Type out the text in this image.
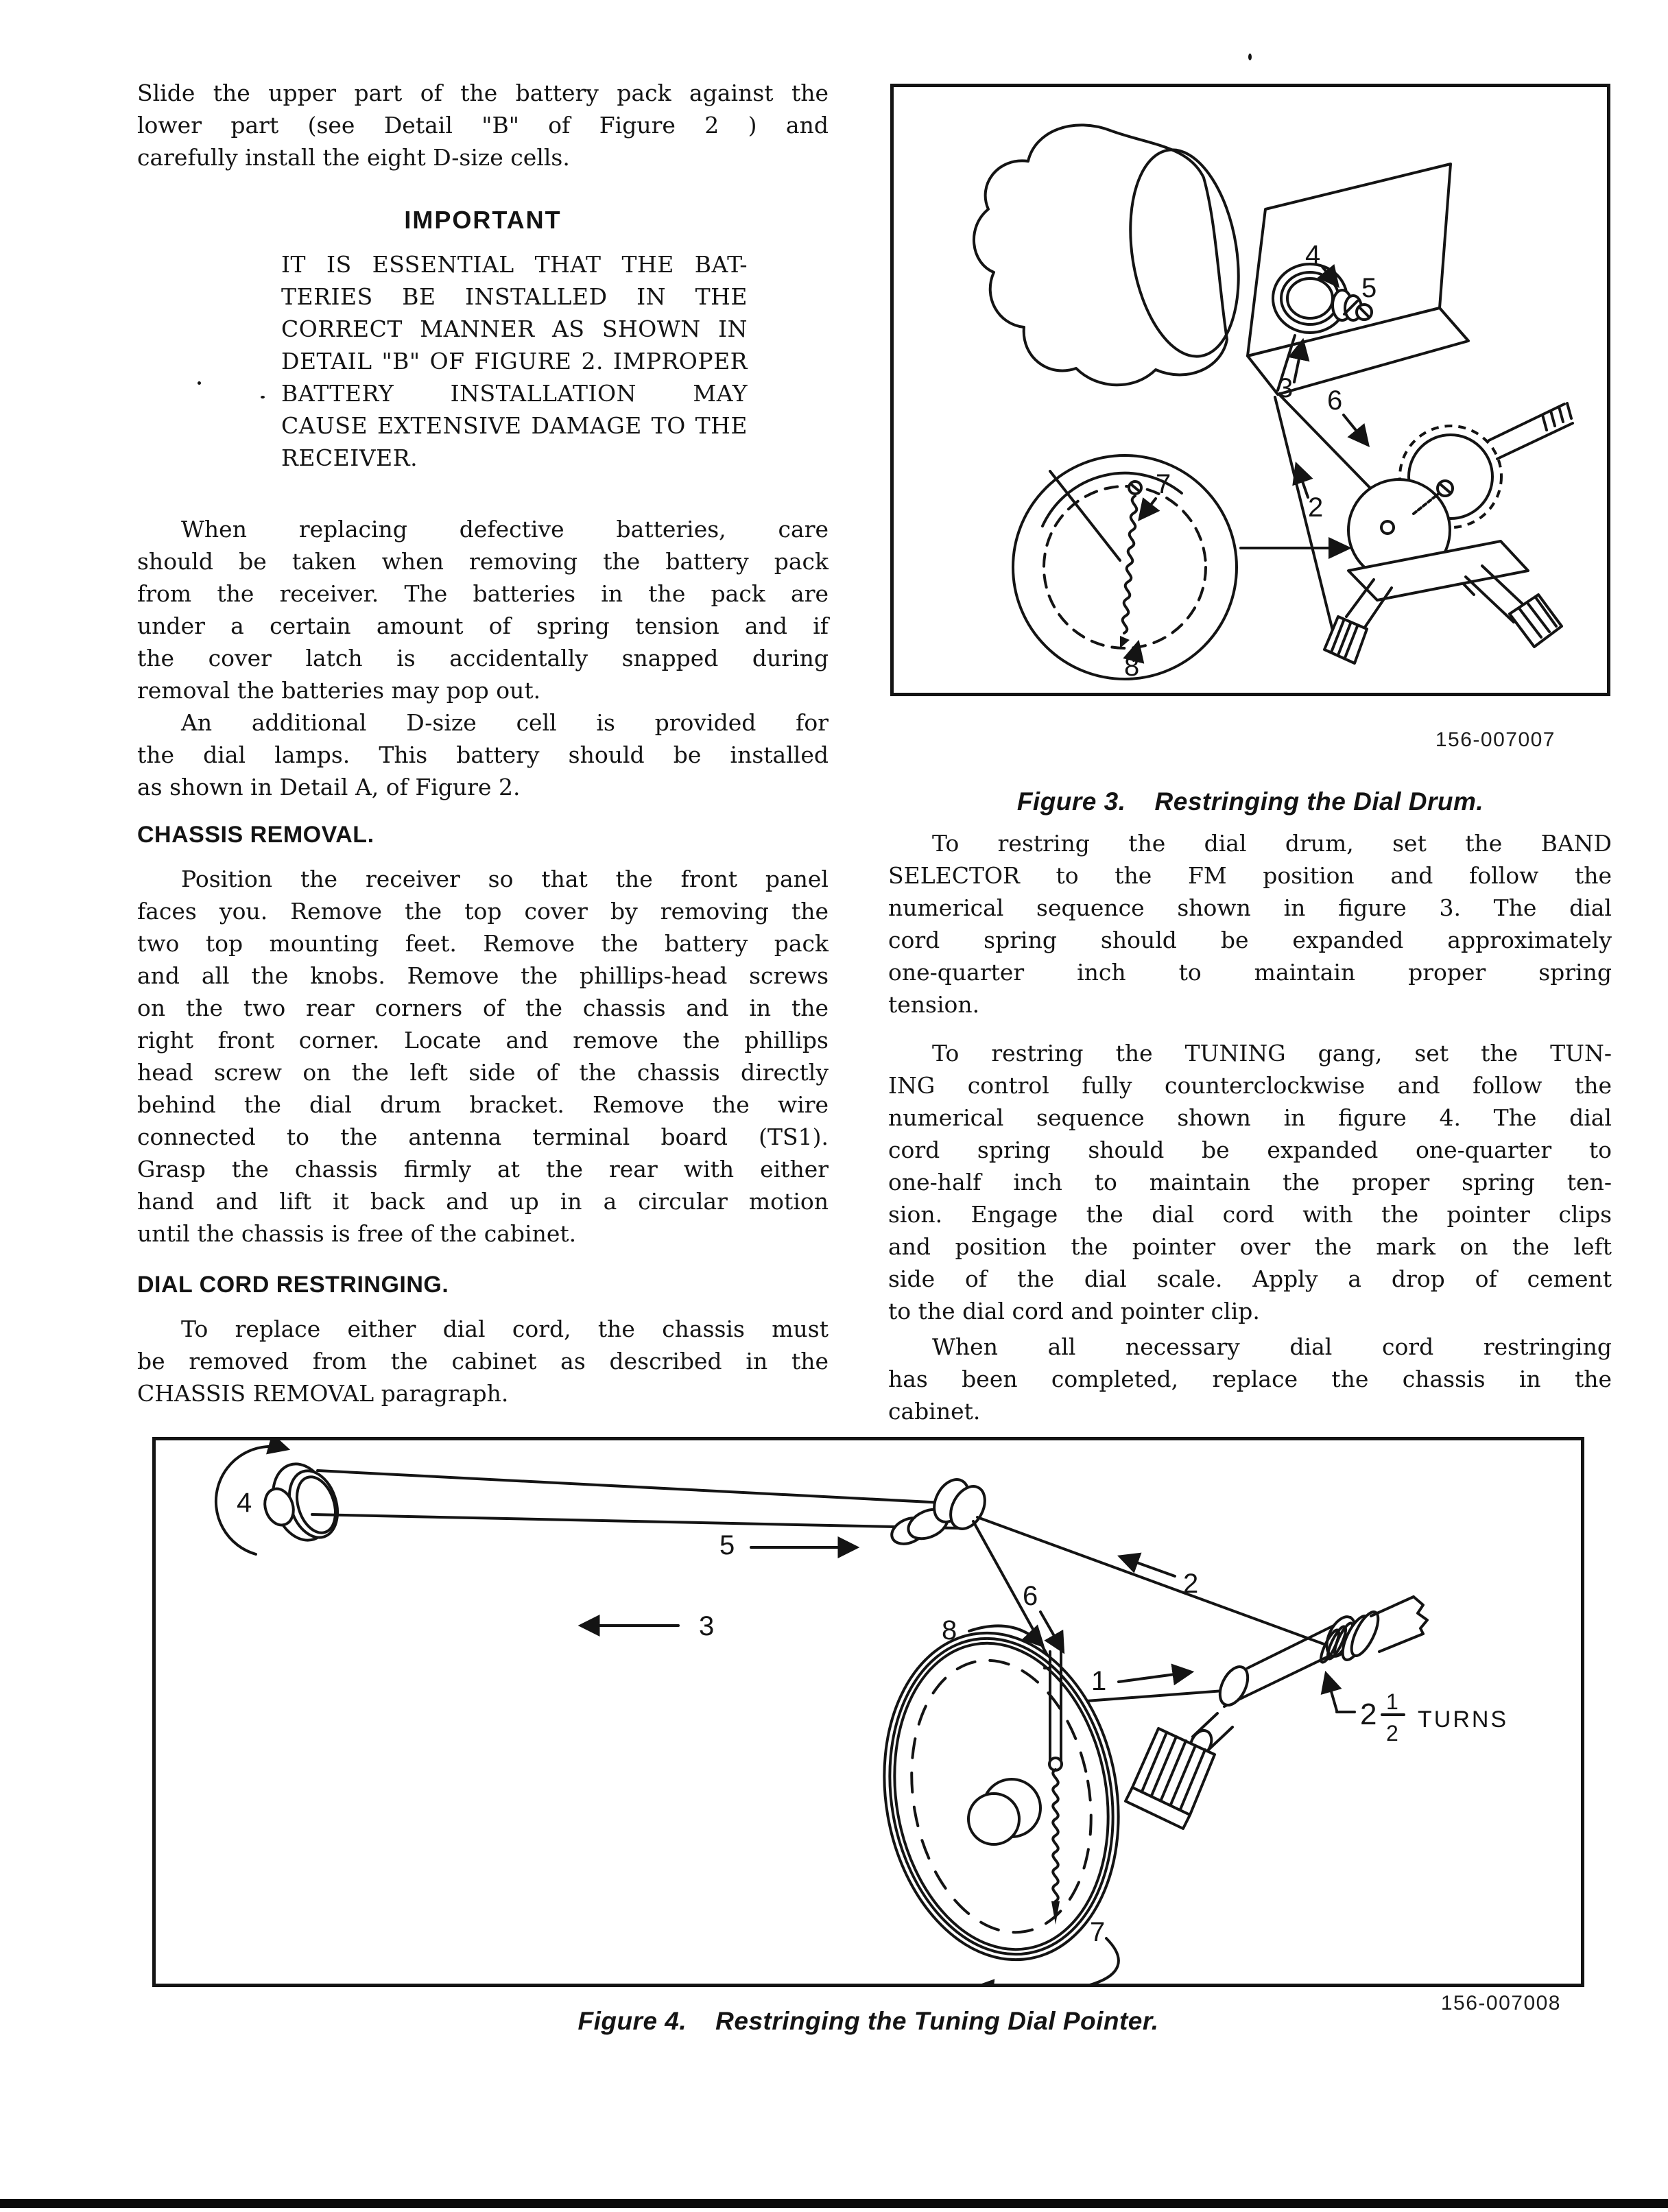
Slide the upper part of the battery pack against the
lower part (see Detail "B" of Figure 2 ) and
carefully install the eight D-size cells.
IMPORTANT
IT IS ESSENTIAL THAT THE BAT-
TERIES BE INSTALLED IN THE
CORRECT MANNER AS SHOWN IN
DETAIL "B" OF FIGURE 2. IMPROPER
BATTERY INSTALLATION MAY
CAUSE EXTENSIVE DAMAGE TO THE
RECEIVER.
When replacing defective batteries, care
should be taken when removing the battery pack
from the receiver. The batteries in the pack are
under a certain amount of spring tension and if
the cover latch is accidentally snapped during
removal the batteries may pop out.
An additional D-size cell is provided for
the dial lamps. This battery should be installed
as shown in Detail A, of Figure 2.
CHASSIS REMOVAL.
Position the receiver so that the front panel
faces you. Remove the top cover by removing the
two top mounting feet. Remove the battery pack
and all the knobs. Remove the phillips-head screws
on the two rear corners of the chassis and in the
right front corner. Locate and remove the phillips
head screw on the left side of the chassis directly
behind the dial drum bracket. Remove the wire
connected to the antenna terminal board (TS1).
Grasp the chassis firmly at the rear with either
hand and lift it back and up in a circular motion
until the chassis is free of the cabinet.
DIAL CORD RESTRINGING.
To replace either dial cord, the chassis must
be removed from the cabinet as described in the
CHASSIS REMOVAL paragraph.
4
5
3 6
2
7
8
156-007007
Figure 3. Restringing the Dial Drum.
To restring the dial drum, set the BAND
SELECTOR to the FM position and follow the
numerical sequence shown in figure 3. The dial
cord spring should be expanded approximately
one-quarter inch to maintain proper spring
tension.
To restring the TUNING gang, set the TUN-
ING control fully counterclockwise and follow the
numerical sequence shown in figure 4. The dial
cord spring should be expanded one-quarter to
one-half inch to maintain the proper spring ten-
sion. Engage the dial cord with the pointer clips
and position the pointer over the mark on the left
side of the dial scale. Apply a drop of cement
to the dial cord and pointer clip.
When all necessary dial cord restringing
has been completed, replace the chassis in the
cabinet.
4
5
3
2
6
8
1
7
2 1
2
TURNS
156-007008
Figure 4. Restringing the Tuning Dial Pointer.
